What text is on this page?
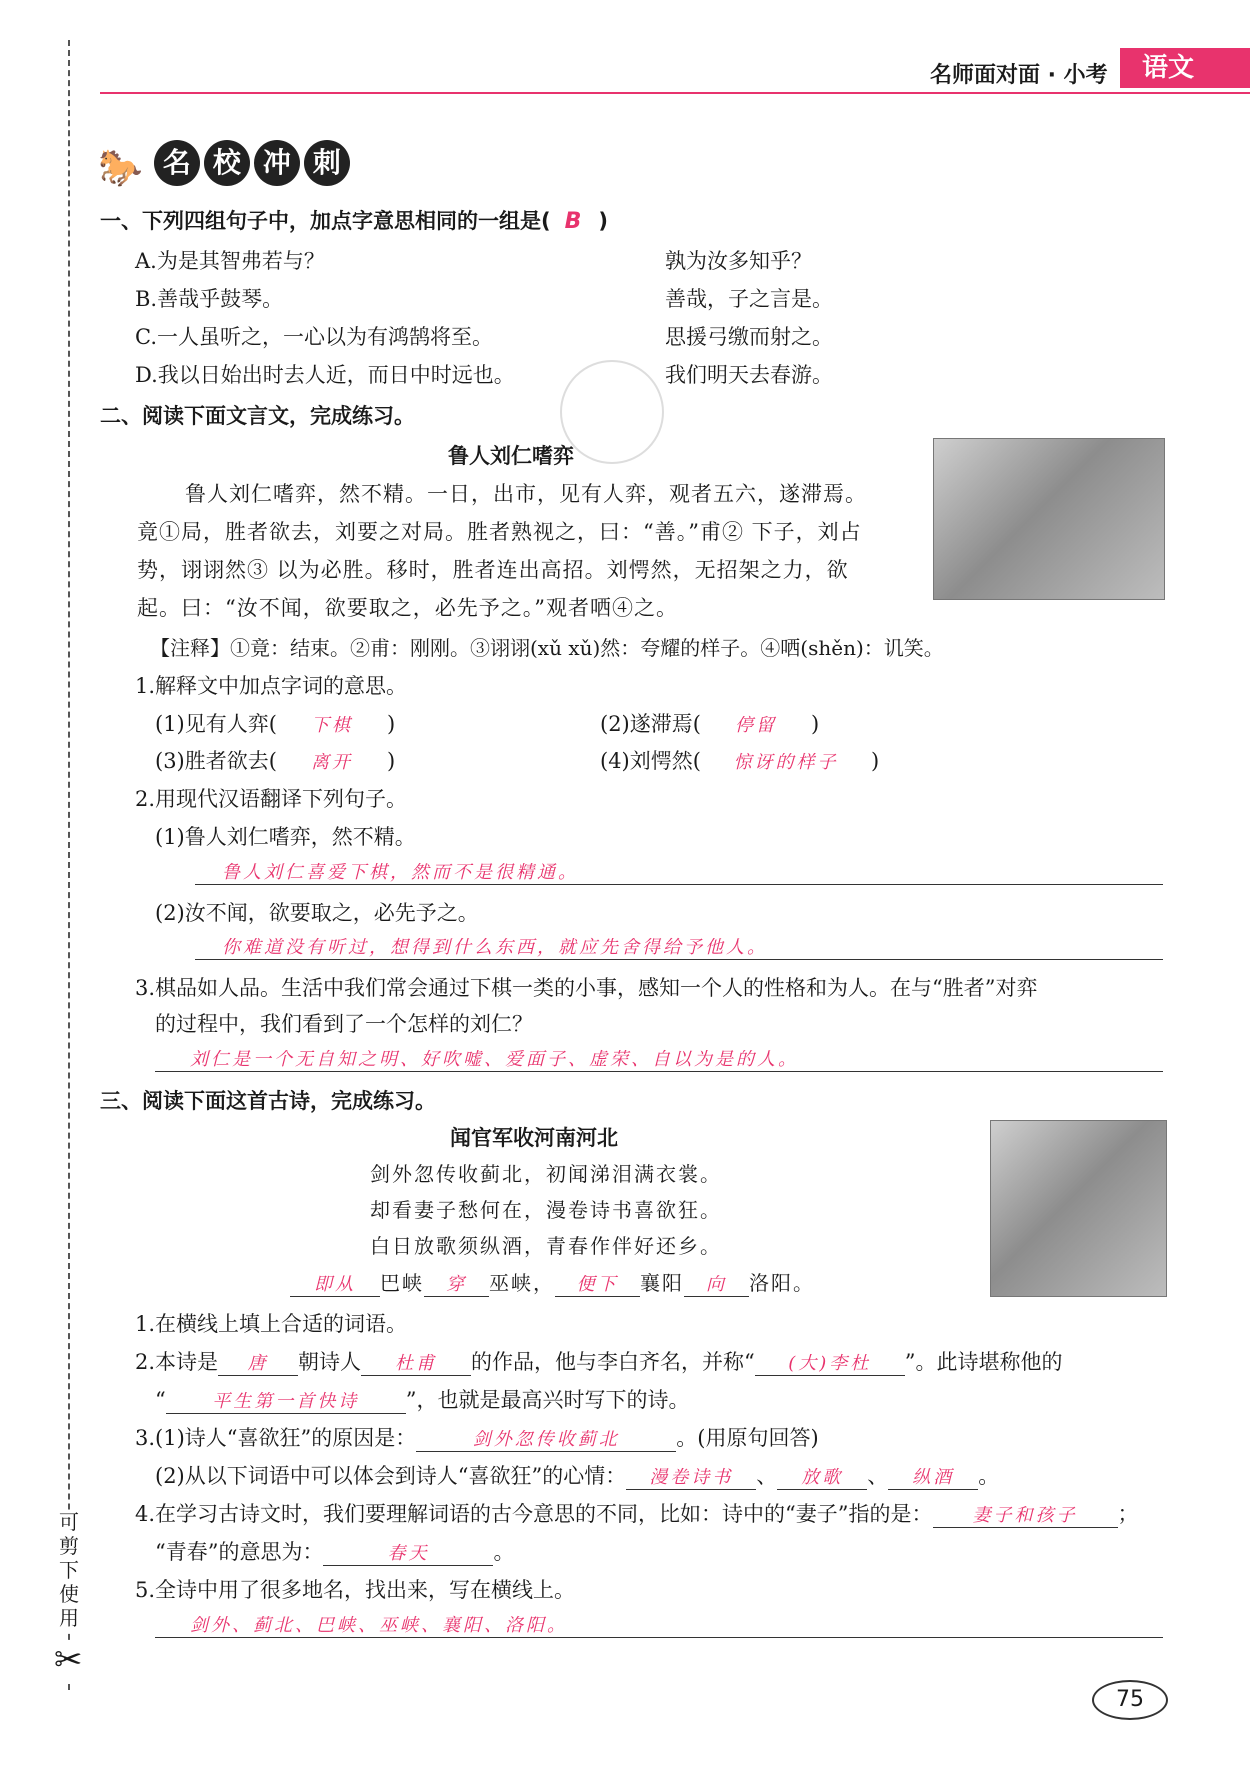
可剪下使用
✂
名师面对面 · 小考	语文
🐎 名 校 冲 刺
一、下列四组句子中，加点字意思相同的一组是( B )
A.为是其智弗若与？	孰为汝多知乎？
B.善哉乎鼓琴。	善哉，子之言是。
C.一人虽听之，一心以为有鸿鹄将至。	思援弓缴而射之。
D.我以日始出时去人近，而日中时远也。	我们明天去春游。
二、阅读下面文言文，完成练习。
鲁人刘仁嗜弈
鲁人刘仁嗜弈，然不精。一日，出市，见有人弈，观者五六，遂滞焉。
竟①局，胜者欲去，刘要之对局。胜者熟视之，曰：“善。”甫② 下子，刘占
势，诩诩然③ 以为必胜。移时，胜者连出高招。刘愕然，无招架之力，欲
起。曰：“汝不闻，欲要取之，必先予之。”观者哂④之。
【注释】①竟：结束。②甫：刚刚。③诩诩(xǔ xǔ)然：夸耀的样子。④哂(shěn)：讥笑。
1.解释文中加点字词的意思。
(1)见有人弈( 下棋 )	(2)遂滞焉( 停留 )
(3)胜者欲去( 离开 )	(4)刘愕然( 惊讶的样子 )
2.用现代汉语翻译下列句子。
(1)鲁人刘仁嗜弈，然不精。
鲁人刘仁喜爱下棋，然而不是很精通。
(2)汝不闻，欲要取之，必先予之。
你难道没有听过，想得到什么东西，就应先舍得给予他人。
3.棋品如人品。生活中我们常会通过下棋一类的小事，感知一个人的性格和为人。在与“胜者”对弈
的过程中，我们看到了一个怎样的刘仁？
刘仁是一个无自知之明、好吹嘘、爱面子、虚荣、自以为是的人。
三、阅读下面这首古诗，完成练习。
闻官军收河南河北
剑外忽传收蓟北，初闻涕泪满衣裳。
却看妻子愁何在，漫卷诗书喜欲狂。
白日放歌须纵酒，青春作伴好还乡。
即从 巴峡 穿 巫峡， 便下 襄阳 向 洛阳。
1.在横线上填上合适的词语。
2.本诗是 唐 朝诗人 杜甫 的作品，他与李白齐名，并称“ (大)李杜 ”。此诗堪称他的
“	平生第一首快诗 ”，也就是最高兴时写下的诗。
3.(1)诗人“喜欲狂”的原因是：	剑外忽传收蓟北	。(用原句回答)
(2)从以下词语中可以体会到诗人“喜欲狂”的心情： 漫卷诗书 、 放歌 、 纵酒 。
4.在学习古诗文时，我们要理解词语的古今意思的不同，比如：诗中的“妻子”指的是： 妻子和孩子 ；
“青春”的意思为：	春天	。
5.全诗中用了很多地名，找出来，写在横线上。
剑外、蓟北、巴峡、巫峡、襄阳、洛阳。
75
